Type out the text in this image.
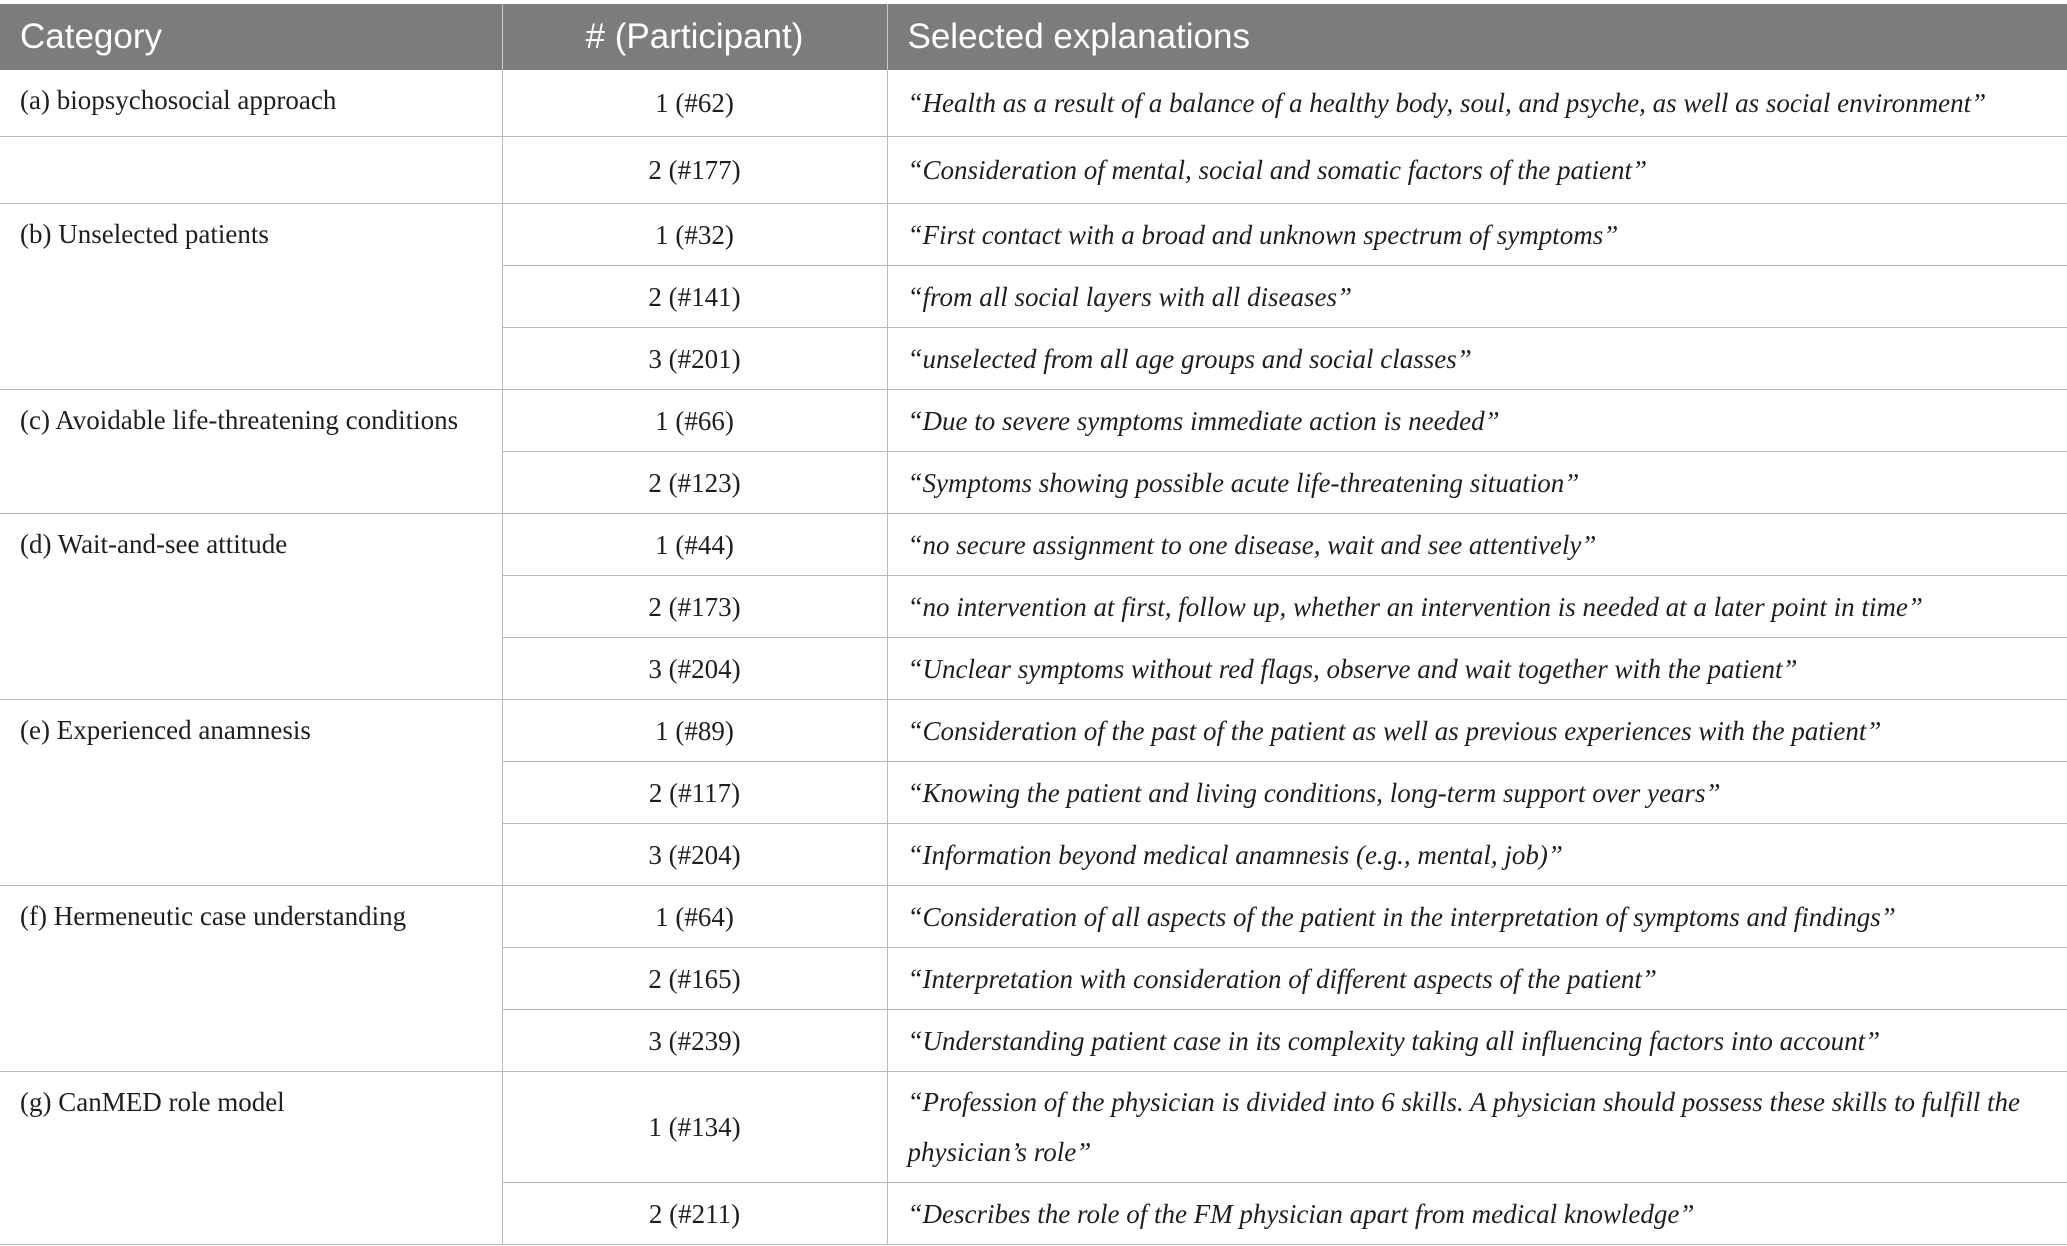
Category	# (Participant)	Selected explanations
(a) biopsychosocial approach	1 (#62)	“Health as a result of a balance of a healthy body, soul, and psyche, as well as social environment”
	2 (#177)	“Consideration of mental, social and somatic factors of the patient”
(b) Unselected patients	1 (#32)	“First contact with a broad and unknown spectrum of symptoms”
	2 (#141)	“from all social layers with all diseases”
	3 (#201)	“unselected from all age groups and social classes”
(c) Avoidable life-threatening conditions	1 (#66)	“Due to severe symptoms immediate action is needed”
	2 (#123)	“Symptoms showing possible acute life-threatening situation”
(d) Wait-and-see attitude	1 (#44)	“no secure assignment to one disease, wait and see attentively”
	2 (#173)	“no intervention at first, follow up, whether an intervention is needed at a later point in time”
	3 (#204)	“Unclear symptoms without red flags, observe and wait together with the patient”
(e) Experienced anamnesis	1 (#89)	“Consideration of the past of the patient as well as previous experiences with the patient”
	2 (#117)	“Knowing the patient and living conditions, long-term support over years”
	3 (#204)	“Information beyond medical anamnesis (e.g., mental, job)”
(f) Hermeneutic case understanding	1 (#64)	“Consideration of all aspects of the patient in the interpretation of symptoms and findings”
	2 (#165)	“Interpretation with consideration of different aspects of the patient”
	3 (#239)	“Understanding patient case in its complexity taking all influencing factors into account”
(g) CanMED role model	1 (#134)	“Profession of the physician is divided into 6 skills. A physician should possess these skills to fulfill the physician’s role”
	2 (#211)	“Describes the role of the FM physician apart from medical knowledge”
